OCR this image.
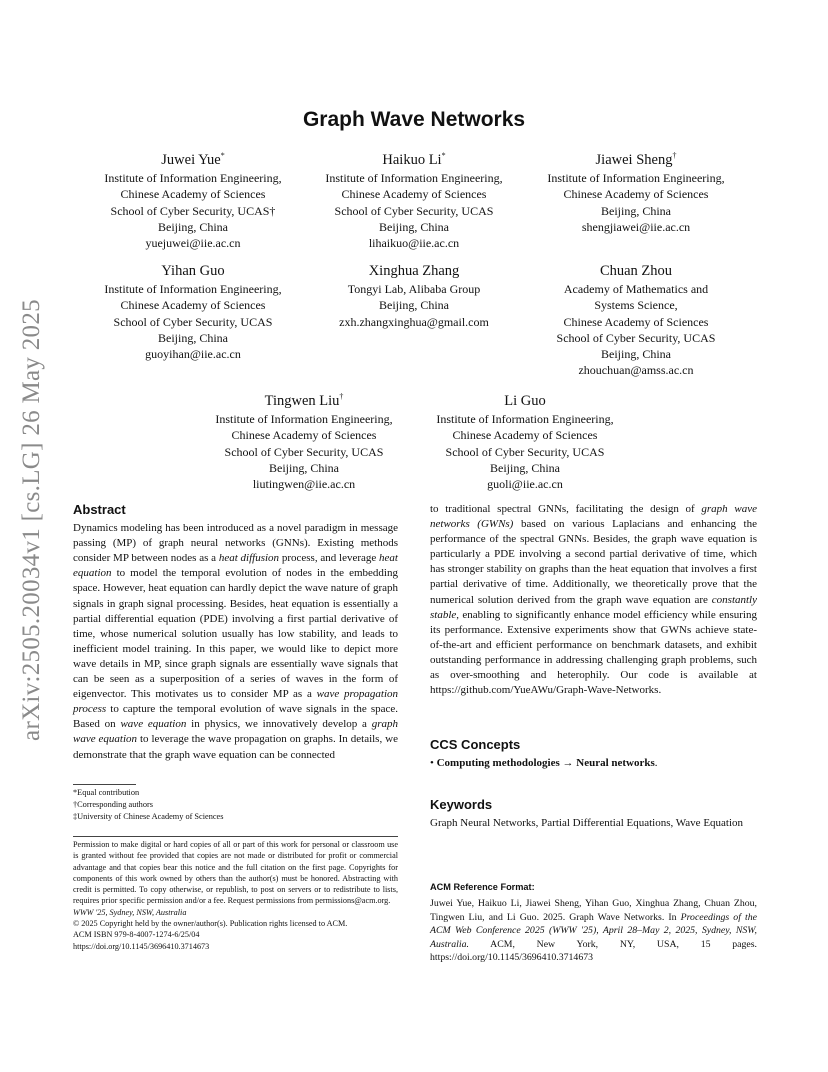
arXiv:2505.20034v1 [cs.LG] 26 May 2025
Graph Wave Networks
Juwei Yue*
Institute of Information Engineering,
Chinese Academy of Sciences
School of Cyber Security, UCAS†
Beijing, China
yuejuwei@iie.ac.cn
Haikuo Li*
Institute of Information Engineering,
Chinese Academy of Sciences
School of Cyber Security, UCAS
Beijing, China
lihaikuo@iie.ac.cn
Jiawei Sheng†
Institute of Information Engineering,
Chinese Academy of Sciences
Beijing, China
shengjiawei@iie.ac.cn
Yihan Guo
Institute of Information Engineering,
Chinese Academy of Sciences
School of Cyber Security, UCAS
Beijing, China
guoyihan@iie.ac.cn
Xinghua Zhang
Tongyi Lab, Alibaba Group
Beijing, China
zxh.zhangxinghua@gmail.com
Chuan Zhou
Academy of Mathematics and
Systems Science,
Chinese Academy of Sciences
School of Cyber Security, UCAS
Beijing, China
zhouchuan@amss.ac.cn
Tingwen Liu†
Institute of Information Engineering,
Chinese Academy of Sciences
School of Cyber Security, UCAS
Beijing, China
liutingwen@iie.ac.cn
Li Guo
Institute of Information Engineering,
Chinese Academy of Sciences
School of Cyber Security, UCAS
Beijing, China
guoli@iie.ac.cn
Abstract
Dynamics modeling has been introduced as a novel paradigm in message passing (MP) of graph neural networks (GNNs). Existing methods consider MP between nodes as a heat diffusion process, and leverage heat equation to model the temporal evolution of nodes in the embedding space. However, heat equation can hardly depict the wave nature of graph signals in graph signal processing. Besides, heat equation is essentially a partial differential equation (PDE) involving a first partial derivative of time, whose numerical solution usually has low stability, and leads to inefficient model training. In this paper, we would like to depict more wave details in MP, since graph signals are essentially wave signals that can be seen as a superposition of a series of waves in the form of eigenvector. This motivates us to consider MP as a wave propagation process to capture the temporal evolution of wave signals in the space. Based on wave equation in physics, we innovatively develop a graph wave equation to leverage the wave propagation on graphs. In details, we demonstrate that the graph wave equation can be connected
*Equal contribution
†Corresponding authors
‡University of Chinese Academy of Sciences

Permission to make digital or hard copies of all or part of this work for personal or classroom use is granted without fee provided that copies are not made or distributed for profit or commercial advantage and that copies bear this notice and the full citation on the first page. Copyrights for components of this work owned by others than the author(s) must be honored. Abstracting with credit is permitted. To copy otherwise, or republish, to post on servers or to redistribute to lists, requires prior specific permission and/or a fee. Request permissions from permissions@acm.org.

WWW '25, Sydney, NSW, Australia

© 2025 Copyright held by the owner/author(s). Publication rights licensed to ACM.

ACM ISBN 979-8-4007-1274-6/25/04

https://doi.org/10.1145/3696410.3714673

to traditional spectral GNNs, facilitating the design of graph wave networks (GWNs) based on various Laplacians and enhancing the performance of the spectral GNNs. Besides, the graph wave equation is particularly a PDE involving a second partial derivative of time, which has stronger stability on graphs than the heat equation that involves a first partial derivative of time. Additionally, we theoretically prove that the numerical solution derived from the graph wave equation are constantly stable, enabling to significantly enhance model efficiency while ensuring its performance. Extensive experiments show that GWNs achieve state-of-the-art and efficient performance on benchmark datasets, and exhibit outstanding performance in addressing challenging graph problems, such as over-smoothing and heterophily. Our code is available at https://github.com/YueAWu/Graph-Wave-Networks.
CCS Concepts
• Computing methodologies → Neural networks.
Keywords
Graph Neural Networks, Partial Differential Equations, Wave Equation
ACM Reference Format:
Juwei Yue, Haikuo Li, Jiawei Sheng, Yihan Guo, Xinghua Zhang, Chuan Zhou, Tingwen Liu, and Li Guo. 2025. Graph Wave Networks. In Proceedings of the ACM Web Conference 2025 (WWW '25), April 28–May 2, 2025, Sydney, NSW, Australia. ACM, New York, NY, USA, 15 pages. https://doi.org/10.1145/3696410.3714673
